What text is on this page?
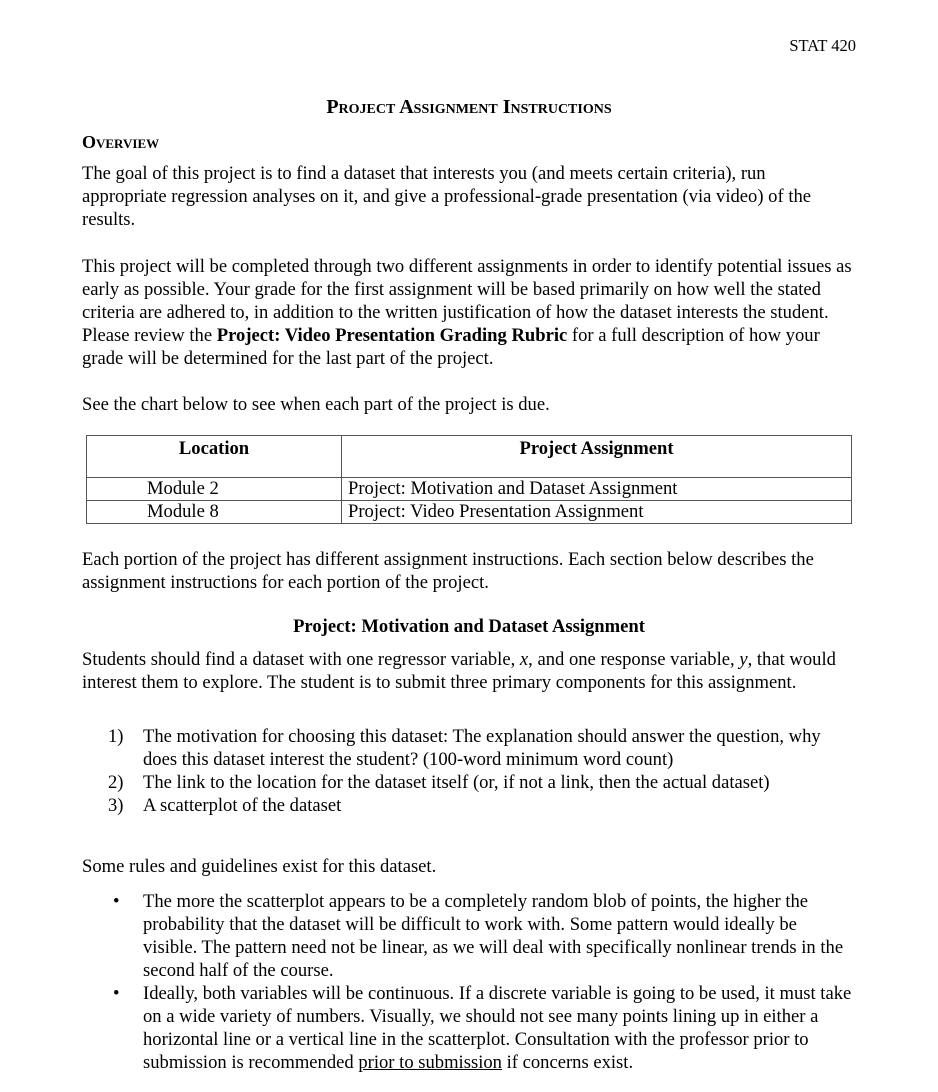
STAT 420
Project Assignment Instructions
Overview

The goal of this project is to find a dataset that interests you (and meets certain criteria), run appropriate regression analyses on it, and give a professional-grade presentation (via video) of the results.

This project will be completed through two different assignments in order to identify potential issues as early as possible. Your grade for the first assignment will be based primarily on how well the stated criteria are adhered to, in addition to the written justification of how the dataset interests the student. Please review the Project: Video Presentation Grading Rubric for a full description of how your grade will be determined for the last part of the project.

See the chart below to see when each part of the project is due.

Location	Project Assignment
Module 2	Project: Motivation and Dataset Assignment
Module 8	Project: Video Presentation Assignment

Each portion of the project has different assignment instructions. Each section below describes the assignment instructions for each portion of the project.

Project: Motivation and Dataset Assignment

Students should find a dataset with one regressor variable, x, and one response variable, y, that would interest them to explore. The student is to submit three primary components for this assignment.

1) The motivation for choosing this dataset: The explanation should answer the question, why does this dataset interest the student? (100-word minimum word count)
2) The link to the location for the dataset itself (or, if not a link, then the actual dataset)
3) A scatterplot of the dataset

Some rules and guidelines exist for this dataset.

• The more the scatterplot appears to be a completely random blob of points, the higher the probability that the dataset will be difficult to work with. Some pattern would ideally be visible. The pattern need not be linear, as we will deal with specifically nonlinear trends in the second half of the course.
• Ideally, both variables will be continuous. If a discrete variable is going to be used, it must take on a wide variety of numbers. Visually, we should not see many points lining up in either a horizontal line or a vertical line in the scatterplot. Consultation with the professor prior to submission is recommended prior to submission if concerns exist.
